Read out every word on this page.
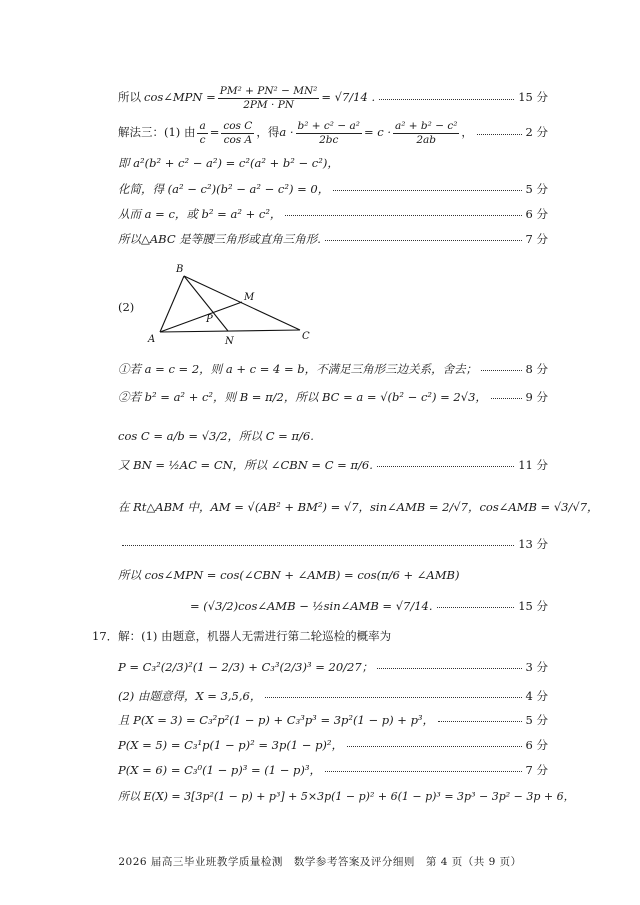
所以 cos∠MPN = $\frac{\text{PM² + PN² − MN²}}{2PM \cdot PN} = √7/14$ .	15 分
解法三：(1) 由 $\frac{a}{c} = \frac{\text{cos C}}{\text{cos A}}$ ，得 $a \cdot \frac{\text{b² + c² − a²}}{2bc} = c \cdot \frac{\text{a² + b² − c²}}{2ab}$ ，	2 分
即 a²(b² + c² − a²) = c²(a² + b² − c²)，
化简，得 (a² − c²)(b² − a² − c²) = 0，	5 分
从而 a = c，或 b² = a² + c²，	6 分
所以△ABC 是等腰三角形或直角三角形.	7 分
(2)
B
M
P
A	N	C
①若 a = c = 2，则 a + c = 4 = b，不满足三角形三边关系，舍去；	8 分
②若 b² = a² + c²，则 B = π/2，所以 BC = a = √(b² − c²) = 2√3，	9 分
cos C = a/b = √3/2，所以 C = π/6.
又 BN = ½AC = CN，所以 ∠CBN = C = π/6.	11 分
在 Rt△ABM 中，AM = √(AB² + BM²) = √7，sin∠AMB = 2/√7，cos∠AMB = √3/√7，
13 分
所以 cos∠MPN = cos(∠CBN + ∠AMB) = cos(π/6 + ∠AMB)
= (√3/2)cos∠AMB − ½sin∠AMB = √7/14.	15 分
17．解：(1) 由题意，机器人无需进行第二轮巡检的概率为
P = C₃²(2/3)²(1 − 2/3) + C₃³(2/3)³ = 20/27；	3 分
(2) 由题意得，X = 3,5,6，	4 分
且 P(X = 3) = C₃²p²(1 − p) + C₃³p³ = 3p²(1 − p) + p³，	5 分
P(X = 5) = C₃¹p(1 − p)² = 3p(1 − p)²，	6 分
P(X = 6) = C₃⁰(1 − p)³ = (1 − p)³，	7 分
所以 E(X) = 3[3p²(1 − p) + p³] + 5×3p(1 − p)² + 6(1 − p)³ = 3p³ − 3p² − 3p + 6，
2026 届高三毕业班教学质量检测　数学参考答案及评分细则　第 4 页（共 9 页）
